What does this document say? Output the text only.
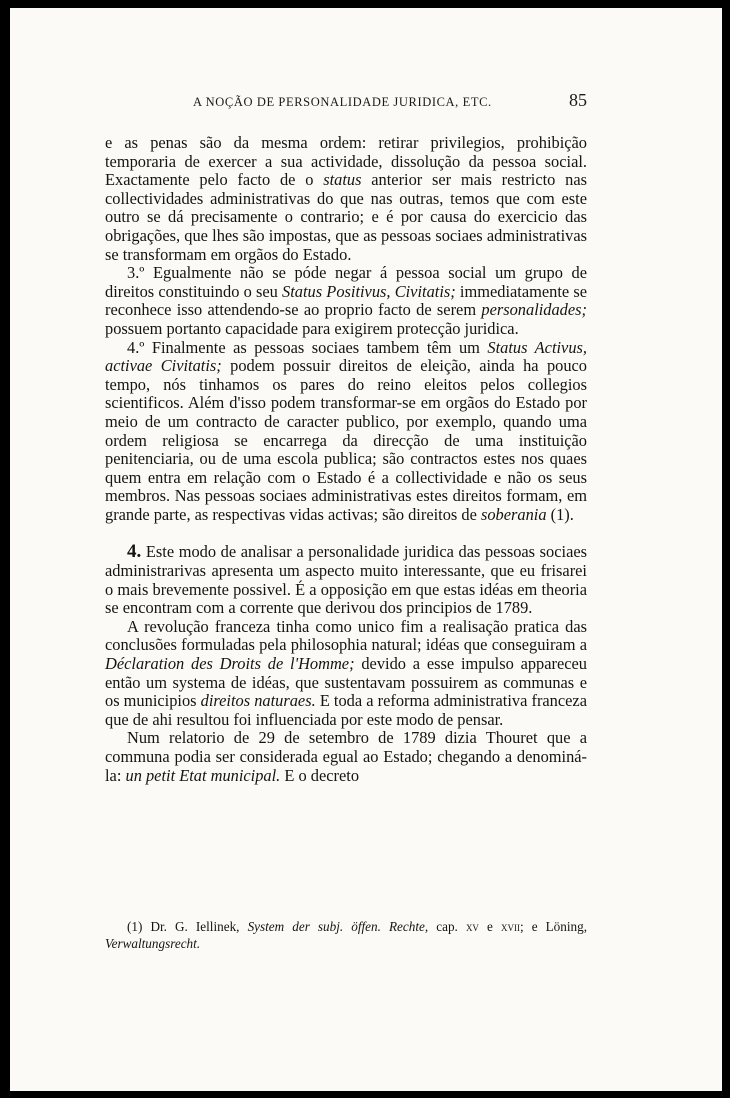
A NOÇÃO DE PERSONALIDADE JURIDICA, ETC.	85

e as penas são da mesma ordem: retirar privilegios, prohibição temporaria de exercer a sua actividade, dissolução da pessoa social. Exactamente pelo facto de o status anterior ser mais restricto nas collectividades administrativas do que nas outras, temos que com este outro se dá precisamente o contrario; e é por causa do exercicio das obrigações, que lhes são impostas, que as pessoas sociaes administrativas se transformam em orgãos do Estado.

3.º Egualmente não se póde negar á pessoa social um grupo de direitos constituindo o seu Status Positivus, Civitatis; immediatamente se reconhece isso attendendo-se ao proprio facto de serem personalidades; possuem portanto capacidade para exigirem protecção juridica.

4.º Finalmente as pessoas sociaes tambem têm um Status Activus, activae Civitatis; podem possuir direitos de eleição, ainda ha pouco tempo, nós tinhamos os pares do reino eleitos pelos collegios scientificos. Além d'isso podem transformar-se em orgãos do Estado por meio de um contracto de caracter publico, por exemplo, quando uma ordem religiosa se encarrega da direcção de uma instituição penitenciaria, ou de uma escola publica; são contractos estes nos quaes quem entra em relação com o Estado é a collectividade e não os seus membros. Nas pessoas sociaes administrativas estes direitos formam, em grande parte, as respectivas vidas activas; são direitos de soberania (1).

4. Este modo de analisar a personalidade juridica das pessoas sociaes administrarivas apresenta um aspecto muito interessante, que eu frisarei o mais brevemente possivel. É a opposição em que estas idéas em theoria se encontram com a corrente que derivou dos principios de 1789.

A revolução franceza tinha como unico fim a realisação pratica das conclusões formuladas pela philosophia natural; idéas que conseguiram a Déclaration des Droits de l'Homme; devido a esse impulso appareceu então um systema de idéas, que sustentavam possuirem as communas e os municipios direitos naturaes. E toda a reforma administrativa franceza que de ahi resultou foi influenciada por este modo de pensar.

Num relatorio de 29 de setembro de 1789 dizia Thouret que a communa podia ser considerada egual ao Estado; chegando a denominá-la: un petit Etat municipal. E o decreto

(1) Dr. G. Iellinek, System der subj. öffen. Rechte, cap. xv e xvii; e Löning, Verwaltungsrecht.
